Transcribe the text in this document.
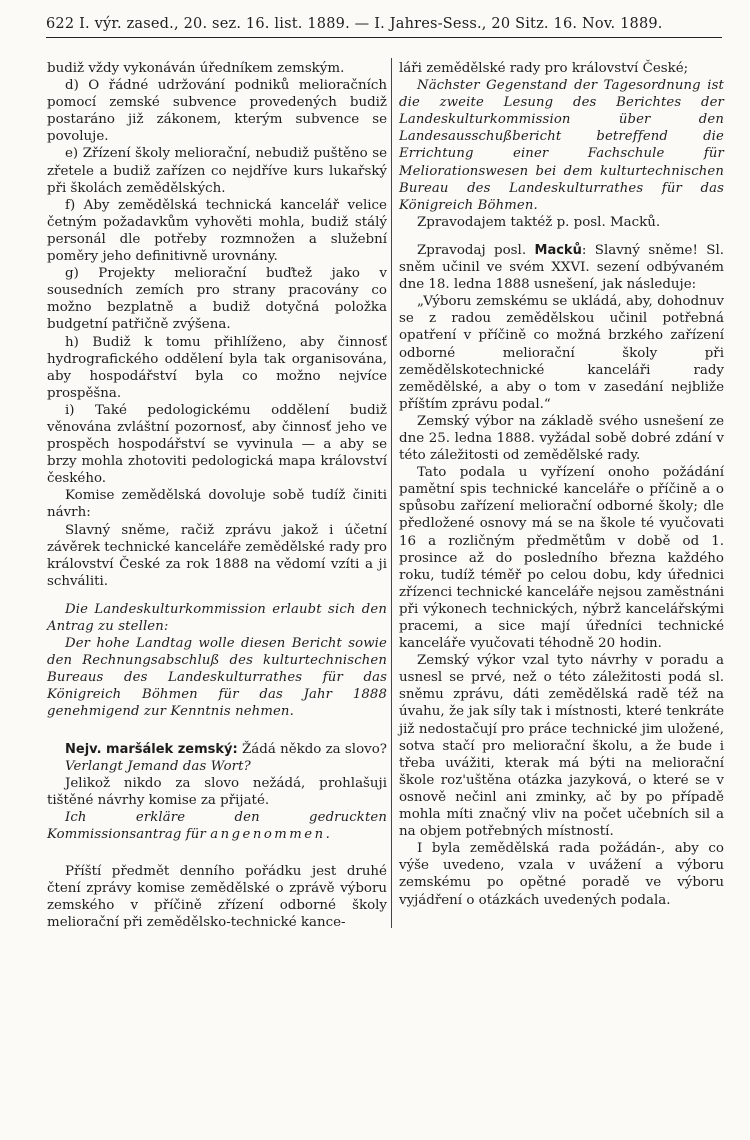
622 I. výr. zased., 20. sez. 16. list. 1889. — I. Jahres-Sess., 20 Sitz. 16. Nov. 1889.

budiž vždy vykonáván úředníkem zemským.

d) O řádné udržování podniků melioračních pomocí zemské subvence provedených budiž postaráno již zákonem, kterým subvence se povoluje.

e) Zřízení školy meliorační, nebudiž puštěno se zřetele a budiž zařízen co nejdříve kurs lukařský při školách zemědělských.

f) Aby zemědělská technická kancelář velice četným požadavkům vyhověti mohla, budiž stálý personál dle potřeby rozmnožen a služební poměry jeho definitivně urovnány.

g) Projekty meliorační buďtež jako v sousedních zemích pro strany pracovány co možno bezplatně a budiž dotyčná položka budgetní patřičně zvýšena.

h) Budiž k tomu přihlíženo, aby činnosť hydrografického oddělení byla tak organisována, aby hospodářství byla co možno nejvíce prospěšna.

i) Také pedologickému oddělení budiž věnována zvláštní pozornosť, aby činnosť jeho ve prospěch hospodářství se vyvinula — a aby se brzy mohla zhotoviti pedologická mapa království českého.

Komise zemědělská dovoluje sobě tudíž činiti návrh:

Slavný sněme, račiž zprávu jakož i účetní závěrek technické kanceláře zemědělské rady pro království České za rok 1888 na vědomí vzíti a ji schváliti.

Die Landeskulturkommission erlaubt sich den Antrag zu stellen:

Der hohe Landtag wolle diesen Bericht sowie den Rechnungsabschluß des kulturtechnischen Bureaus des Landeskulturrathes für das Königreich Böhmen für das Jahr 1888 genehmigend zur Kenntnis nehmen.

Nejv. maršálek zemský: Žádá někdo za slovo?

Verlangt Jemand das Wort?

Jelikož nikdo za slovo nežádá, prohlašuji tištěné návrhy komise za přijaté.

Ich erkläre den gedruckten Kommissionsantrag für angenommen.

Příští předmět denního pořádku jest druhé čtení zprávy komise zemědělské o zprávě výboru zemského v příčině zřízení odborné školy meliorační při zemědělsko-technické kance-

láři zemědělské rady pro království České;

Nächster Gegenstand der Tagesordnung ist die zweite Lesung des Berichtes der Landeskulturkommission über den Landesausschußbericht betreffend die Errichtung einer Fachschule für Meliorationswesen bei dem kulturtechnischen Bureau des Landeskulturrathes für das Königreich Böhmen.

Zpravodajem taktéž p. posl. Macků.

Zpravodaj posl. Macků: Slavný sněme! Sl. sněm učinil ve svém XXVI. sezení odbývaném dne 18. ledna 1888 usnešení, jak následuje:

„Výboru zemskému se ukládá, aby, dohodnuv se z radou zemědělskou učinil potřebná opatření v příčině co možná brzkého zařízení odborné meliorační školy při zemědělskotechnické kanceláři rady zemědělské, a aby o tom v zasedání nejbliže příštím zprávu podal.“

Zemský výbor na základě svého usnešení ze dne 25. ledna 1888. vyžádal sobě dobré zdání v této záležitosti od zemědělské rady.

Tato podala u vyřízení onoho požádání pamětní spis technické kanceláře o příčině a o spůsobu zařízení meliorační odborné školy; dle předložené osnovy má se na škole té vyučovati 16 a rozličným předmětům v době od 1. prosince až do posledního března každého roku, tudíž téměř po celou dobu, kdy úřednici zřízenci technické kanceláře nejsou zaměstnáni při výkonech technických, nýbrž kancelářskými pracemi, a sice mají úředníci technické kanceláře vyučovati téhodně 20 hodin.

Zemský výkor vzal tyto návrhy v poradu a usnesl se prvé, než o této záležitosti podá sl. sněmu zprávu, dáti zemědělská radě též na úvahu, že jak síly tak i místnosti, které tenkráte již nedostačují pro práce technické jim uložené, sotva stačí pro meliorační školu, a že bude i třeba uvážiti, kterak má býti na meliorační škole roz'uštěna otázka jazyková, o které se v osnově nečinl ani zminky, ač by po případě mohla míti značný vliv na počet učebních sil a na objem potřebných místností.

I byla zemědělská rada požádán-, aby co výše uvedeno, vzala v uvážení a výboru zemskému po opětné poradě ve výboru vyjádření o otázkách uvedených podala.
